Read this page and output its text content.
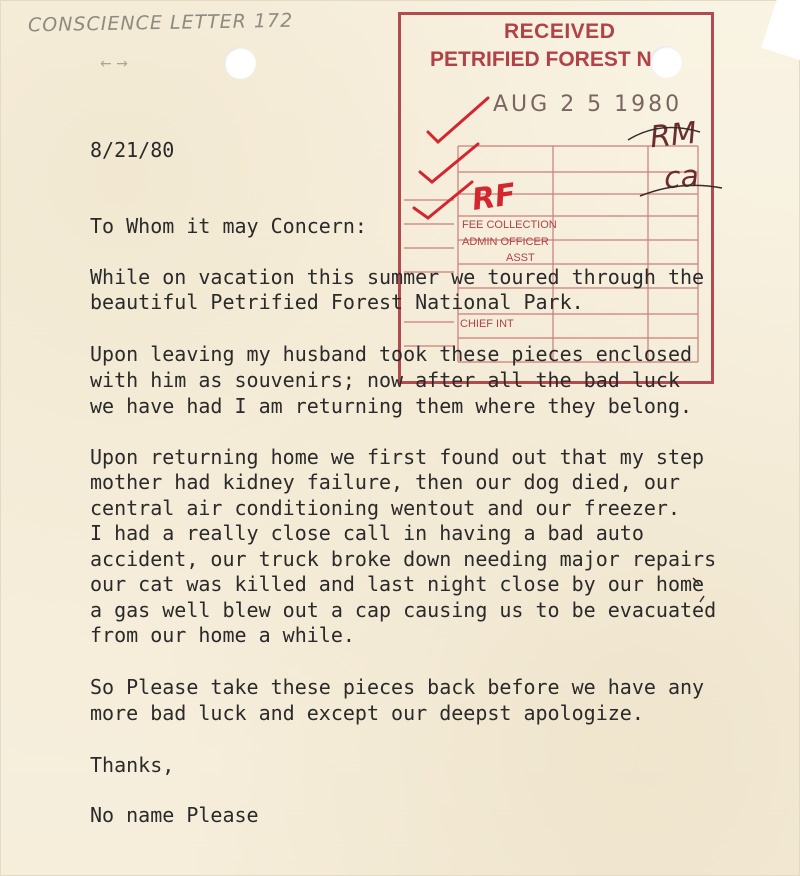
CONSCIENCE LETTER 172
← →
RECEIVED
PETRIFIED FOREST N
AUG 2 5 1980
FEE COLLECTION
ADMIN OFFICER
ASST
CHIEF INT
RM
ca
RF
8/21/80
To Whom it may Concern:
While on vacation this summer we toured through the
beautiful Petrified Forest National Park.
Upon leaving my husband took these pieces enclosed
with him as souvenirs; now after all the bad luck
we have had I am returning them where they belong.
Upon returning home we first found out that my step
mother had kidney failure, then our dog died, our
central air conditioning wentout and our freezer.
I had a really close call in having a bad auto
accident, our truck broke down needing major repairs
our cat was killed and last night close by our home
a gas well blew out a cap causing us to be evacuated
from our home a while.
So Please take these pieces back before we have any
more bad luck and except our deepst apologize.
Thanks,
No name Please
